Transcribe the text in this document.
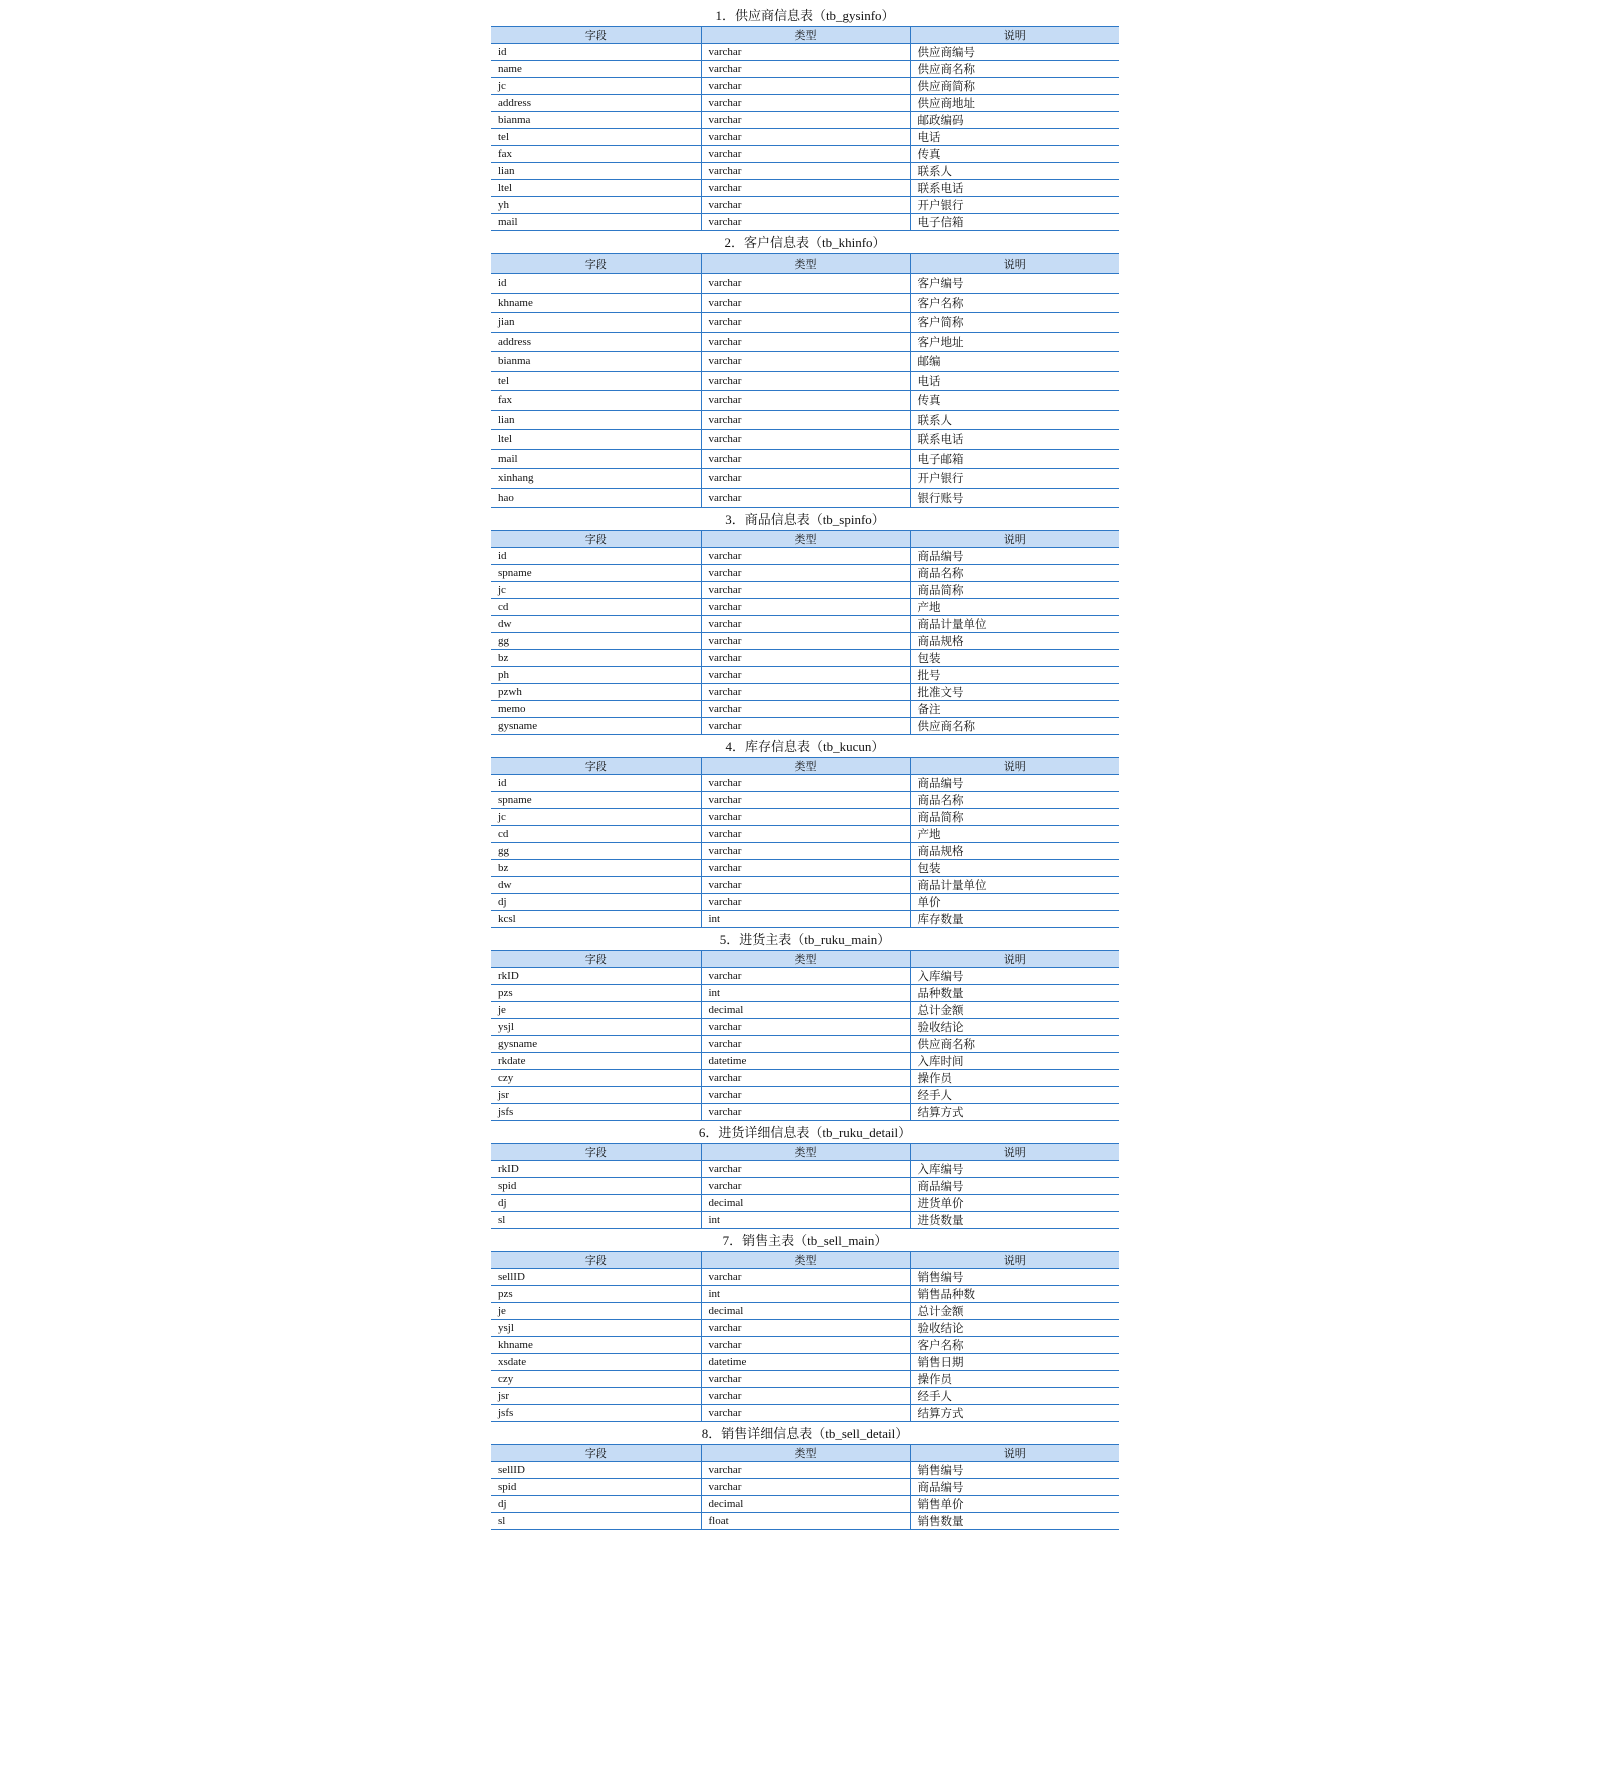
1．供应商信息表（tb_gysinfo）
字段	类型	说明
id	varchar	供应商编号
name	varchar	供应商名称
jc	varchar	供应商简称
address	varchar	供应商地址
bianma	varchar	邮政编码
tel	varchar	电话
fax	varchar	传真
lian	varchar	联系人
ltel	varchar	联系电话
yh	varchar	开户银行
mail	varchar	电子信箱
2．客户信息表（tb_khinfo）
字段	类型	说明
id	varchar	客户编号
khname	varchar	客户名称
jian	varchar	客户简称
address	varchar	客户地址
bianma	varchar	邮编
tel	varchar	电话
fax	varchar	传真
lian	varchar	联系人
ltel	varchar	联系电话
mail	varchar	电子邮箱
xinhang	varchar	开户银行
hao	varchar	银行账号
3．商品信息表（tb_spinfo）
字段	类型	说明
id	varchar	商品编号
spname	varchar	商品名称
jc	varchar	商品简称
cd	varchar	产地
dw	varchar	商品计量单位
gg	varchar	商品规格
bz	varchar	包装
ph	varchar	批号
pzwh	varchar	批准文号
memo	varchar	备注
gysname	varchar	供应商名称
4．库存信息表（tb_kucun）
字段	类型	说明
id	varchar	商品编号
spname	varchar	商品名称
jc	varchar	商品简称
cd	varchar	产地
gg	varchar	商品规格
bz	varchar	包装
dw	varchar	商品计量单位
dj	varchar	单价
kcsl	int	库存数量
5．进货主表（tb_ruku_main）
字段	类型	说明
rkID	varchar	入库编号
pzs	int	品种数量
je	decimal	总计金额
ysjl	varchar	验收结论
gysname	varchar	供应商名称
rkdate	datetime	入库时间
czy	varchar	操作员
jsr	varchar	经手人
jsfs	varchar	结算方式
6．进货详细信息表（tb_ruku_detail）
字段	类型	说明
rkID	varchar	入库编号
spid	varchar	商品编号
dj	decimal	进货单价
sl	int	进货数量
7．销售主表（tb_sell_main）
字段	类型	说明
sellID	varchar	销售编号
pzs	int	销售品种数
je	decimal	总计金额
ysjl	varchar	验收结论
khname	varchar	客户名称
xsdate	datetime	销售日期
czy	varchar	操作员
jsr	varchar	经手人
jsfs	varchar	结算方式
8．销售详细信息表（tb_sell_detail）
字段	类型	说明
sellID	varchar	销售编号
spid	varchar	商品编号
dj	decimal	销售单价
sl	float	销售数量
